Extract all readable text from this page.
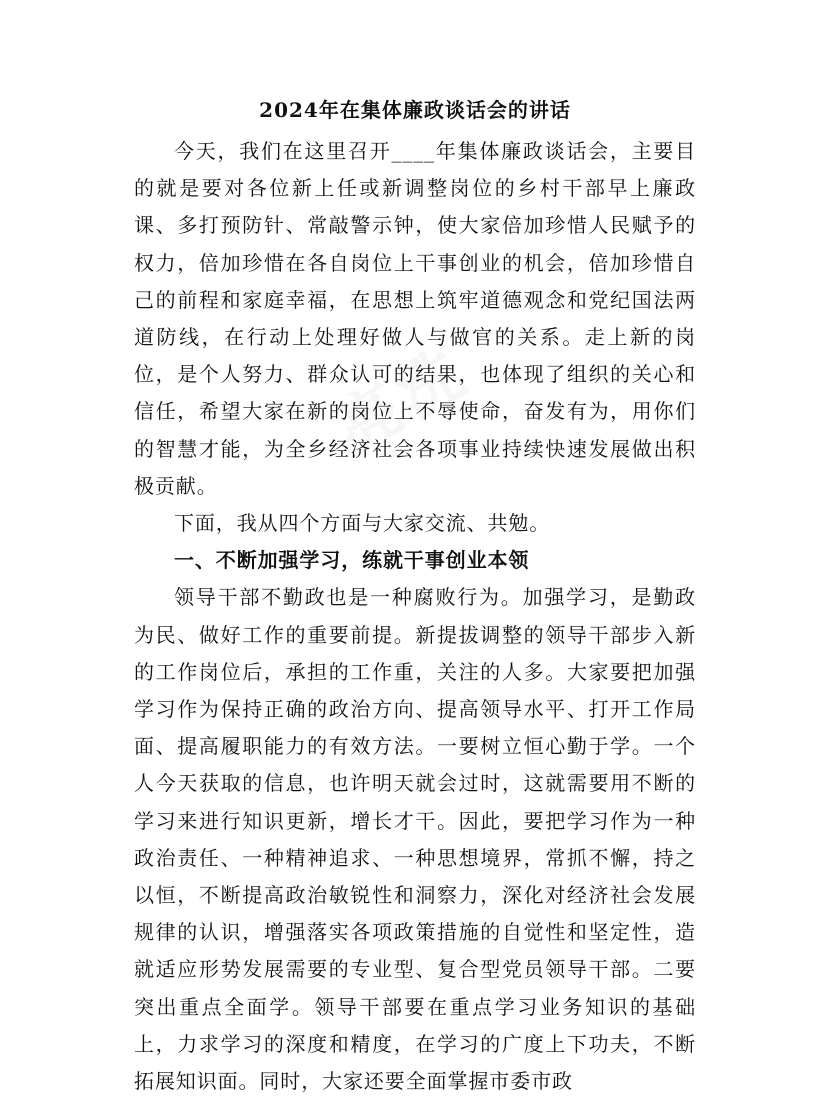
亮洗
2024年在集体廉政谈话会的讲话

今天，我们在这里召开____年集体廉政谈话会，主要目的就是要对各位新上任或新调整岗位的乡村干部早上廉政课、多打预防针、常敲警示钟，使大家倍加珍惜人民赋予的权力，倍加珍惜在各自岗位上干事创业的机会，倍加珍惜自己的前程和家庭幸福，在思想上筑牢道德观念和党纪国法两道防线，在行动上处理好做人与做官的关系。走上新的岗位，是个人努力、群众认可的结果，也体现了组织的关心和信任，希望大家在新的岗位上不辱使命，奋发有为，用你们的智慧才能，为全乡经济社会各项事业持续快速发展做出积极贡献。

下面，我从四个方面与大家交流、共勉。

一、不断加强学习，练就干事创业本领

领导干部不勤政也是一种腐败行为。加强学习，是勤政为民、做好工作的重要前提。新提拔调整的领导干部步入新的工作岗位后，承担的工作重，关注的人多。大家要把加强学习作为保持正确的政治方向、提高领导水平、打开工作局面、提高履职能力的有效方法。一要树立恒心勤于学。一个人今天获取的信息，也许明天就会过时，这就需要用不断的学习来进行知识更新，增长才干。因此，要把学习作为一种政治责任、一种精神追求、一种思想境界，常抓不懈，持之以恒，不断提高政治敏锐性和洞察力，深化对经济社会发展规律的认识，增强落实各项政策措施的自觉性和坚定性，造就适应形势发展需要的专业型、复合型党员领导干部。二要突出重点全面学。领导干部要在重点学习业务知识的基础上，力求学习的深度和精度，在学习的广度上下功夫，不断拓展知识面。同时，大家还要全面掌握市委市政
